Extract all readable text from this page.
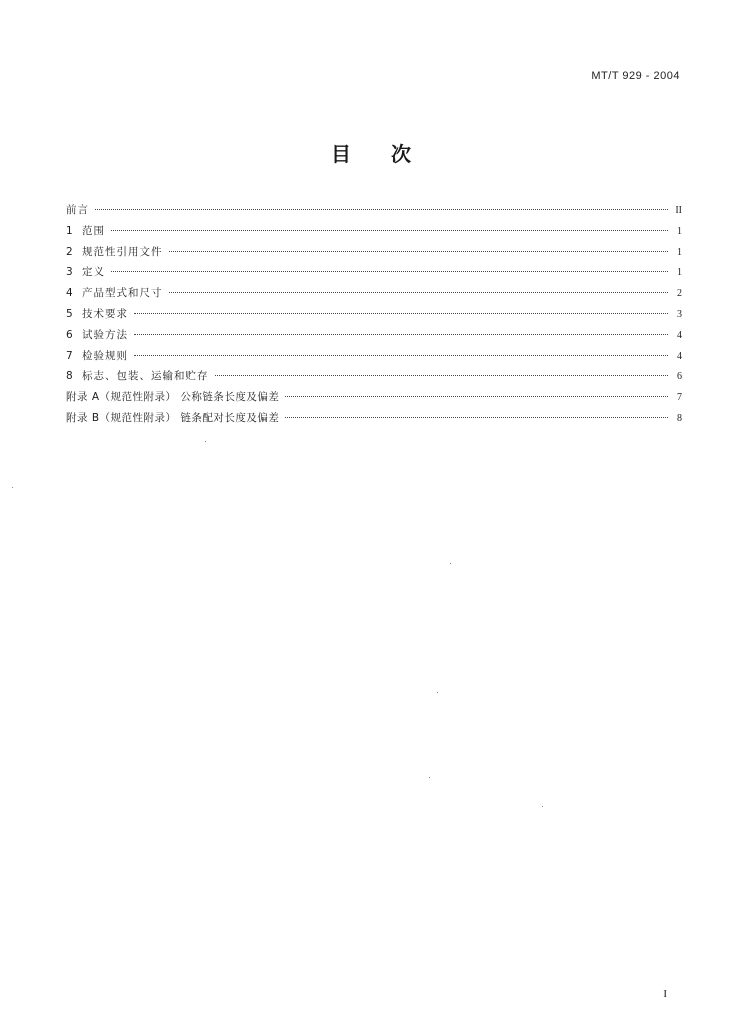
MT/T 929 - 2004
目次
前言	II
1 范围	1
2 规范性引用文件	1
3 定义	1
4 产品型式和尺寸	2
5 技术要求	3
6 试验方法	4
7 检验规则	4
8 标志、包装、运输和贮存	6
附录 A（规范性附录） 公称链条长度及偏差	7
附录 B（规范性附录） 链条配对长度及偏差	8
I
